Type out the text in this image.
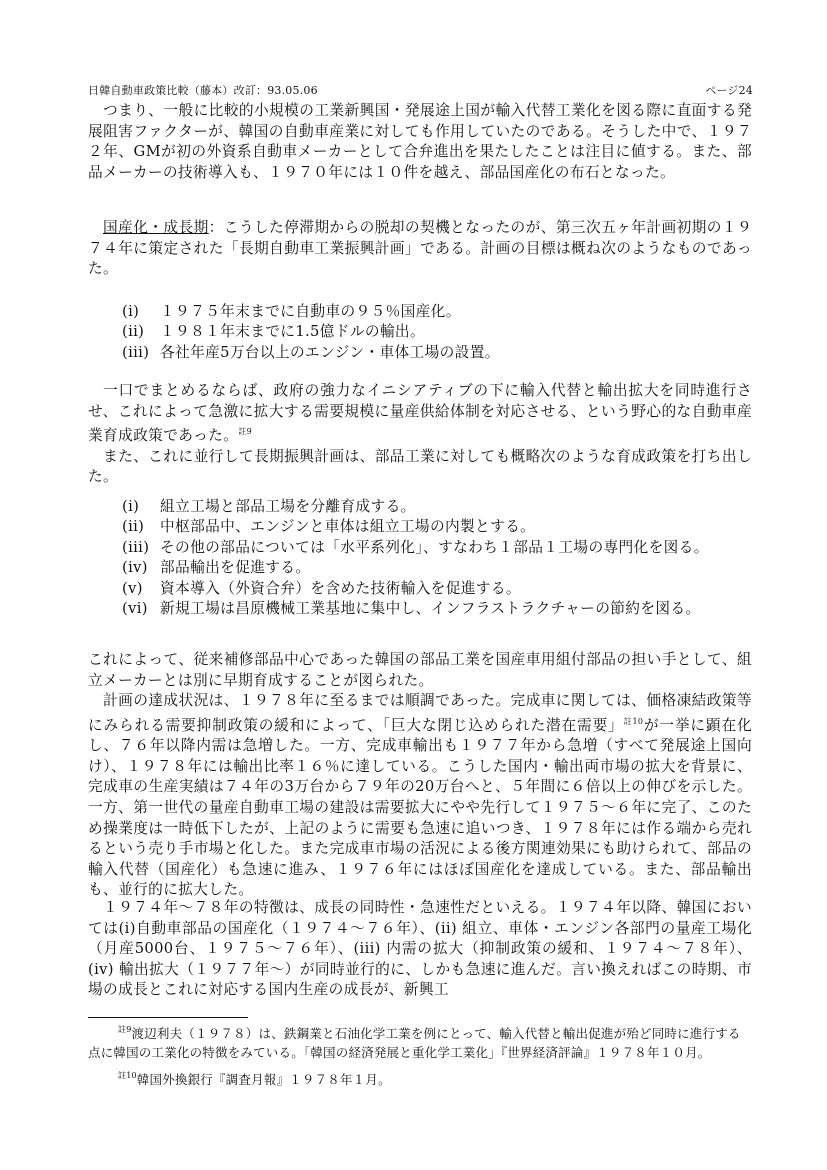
日韓自動車政策比較（藤本）改訂：93.05.06	ページ24

つまり、一般に比較的小規模の工業新興国・発展途上国が輸入代替工業化を図る際に直面する発展阻害ファクターが、韓国の自動車産業に対しても作用していたのである。そうした中で、１９７２年、GMが初の外資系自動車メーカーとして合弁進出を果たしたことは注目に値する。また、部品メーカーの技術導入も、１９７０年には１０件を越え、部品国産化の布石となった。

国産化・成長期：こうした停滞期からの脱却の契機となったのが、第三次五ヶ年計画初期の１９７４年に策定された「長期自動車工業振興計画」である。計画の目標は概ね次のようなものであった。

(i)	１９７５年末までに自動車の９５％国産化。
(ii)	１９８１年末までに1.5億ドルの輸出。
(iii) 各社年産5万台以上のエンジン・車体工場の設置。

一口でまとめるならば、政府の強力なイニシアティブの下に輸入代替と輸出拡大を同時進行させ、これによって急激に拡大する需要規模に量産供給体制を対応させる、という野心的な自動車産業育成政策であった。$^{註9}$

また、これに並行して長期振興計画は、部品工業に対しても概略次のような育成政策を打ち出した。

(i)	組立工場と部品工場を分離育成する。
(ii)	中枢部品中、エンジンと車体は組立工場の内製とする。
(iii) その他の部品については「水平系列化」、すなわち１部品１工場の専門化を図る。
(iv) 部品輸出を促進する。
(v)	資本導入（外資合弁）を含めた技術輸入を促進する。
(vi) 新規工場は昌原機械工業基地に集中し、インフラストラクチャーの節約を図る。

これによって、従来補修部品中心であった韓国の部品工業を国産車用組付部品の担い手として、組立メーカーとは別に早期育成することが図られた。

計画の達成状況は、１９７８年に至るまでは順調であった。完成車に関しては、価格凍結政策等にみられる需要抑制政策の緩和によって、「巨大な閉じ込められた潜在需要」$^{註10}$が一挙に顕在化し、７６年以降内需は急増した。一方、完成車輸出も１９７７年から急増（すべて発展途上国向け）、１９７８年には輸出比率１６％に達している。こうした国内・輸出両市場の拡大を背景に、完成車の生産実績は７４年の3万台から７９年の20万台へと、５年間に６倍以上の伸びを示した。一方、第一世代の量産自動車工場の建設は需要拡大にやや先行して１９７５～６年に完了、このため操業度は一時低下したが、上記のように需要も急速に追いつき、１９７８年には作る端から売れるという売り手市場と化した。また完成車市場の活況による後方関連効果にも助けられて、部品の輸入代替（国産化）も急速に進み、１９７６年にはほぼ国産化を達成している。また、部品輸出も、並行的に拡大した。

１９７４年～７８年の特徴は、成長の同時性・急速性だといえる。１９７４年以降、韓国においては(i)自動車部品の国産化（１９７４～７６年）、(ii) 組立、車体・エンジン各部門の量産工場化（月産5000台、１９７５～７６年）、(iii) 内需の拡大（抑制政策の緩和、１９７４～７８年）、(iv) 輸出拡大（１９７７年～）が同時並行的に、しかも急速に進んだ。言い換えればこの時期、市場の成長とこれに対応する国内生産の成長が、新興工

$^{註9}$渡辺利夫（１９７８）は、鉄鋼業と石油化学工業を例にとって、輸入代替と輸出促進が殆ど同時に進行する点に韓国の工業化の特徴をみている。「韓国の経済発展と重化学工業化」『世界経済評論』１９７８年１０月。

$^{註10}$韓国外換銀行『調査月報』１９７８年１月。
